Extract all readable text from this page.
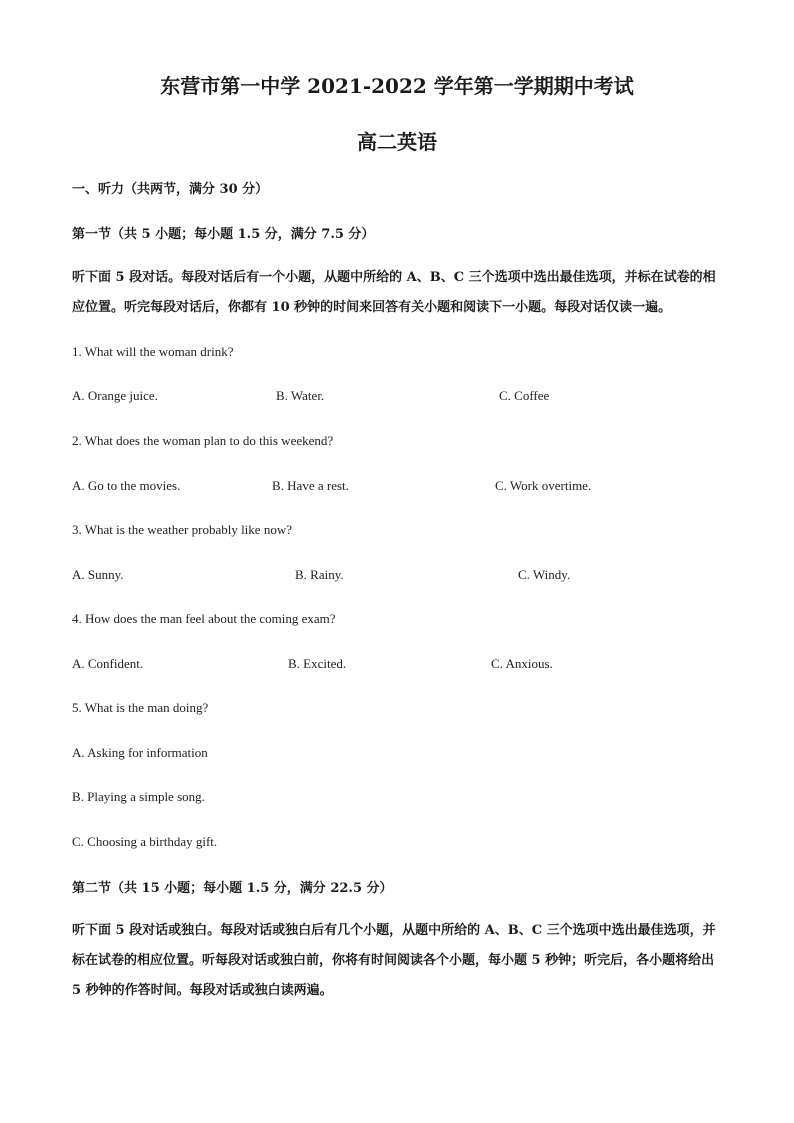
东营市第一中学 2021-2022 学年第一学期期中考试
高二英语
一、听力（共两节，满分 30 分）
第一节（共 5 小题；每小题 1.5 分，满分 7.5 分）
听下面 5 段对话。每段对话后有一个小题，从题中所给的 A、B、C 三个选项中选出最佳选项，并标在试卷的相应位置。听完每段对话后，你都有 10 秒钟的时间来回答有关小题和阅读下一小题。每段对话仅读一遍。
1. What will the woman drink?
A. Orange juice.	B. Water.	C. Coffee
2. What does the woman plan to do this weekend?
A. Go to the movies.	B. Have a rest.	C. Work overtime.
3. What is the weather probably like now?
A. Sunny.	B. Rainy.	C. Windy.
4. How does the man feel about the coming exam?
A. Confident.	B. Excited.	C. Anxious.
5. What is the man doing?
A. Asking for information
B. Playing a simple song.
C. Choosing a birthday gift.
第二节（共 15 小题；每小题 1.5 分，满分 22.5 分）
听下面 5 段对话或独白。每段对话或独白后有几个小题，从题中所给的 A、B、C 三个选项中选出最佳选项，并标在试卷的相应位置。听每段对话或独白前，你将有时间阅读各个小题，每小题 5 秒钟；听完后，各小题将给出 5 秒钟的作答时间。每段对话或独白读两遍。
